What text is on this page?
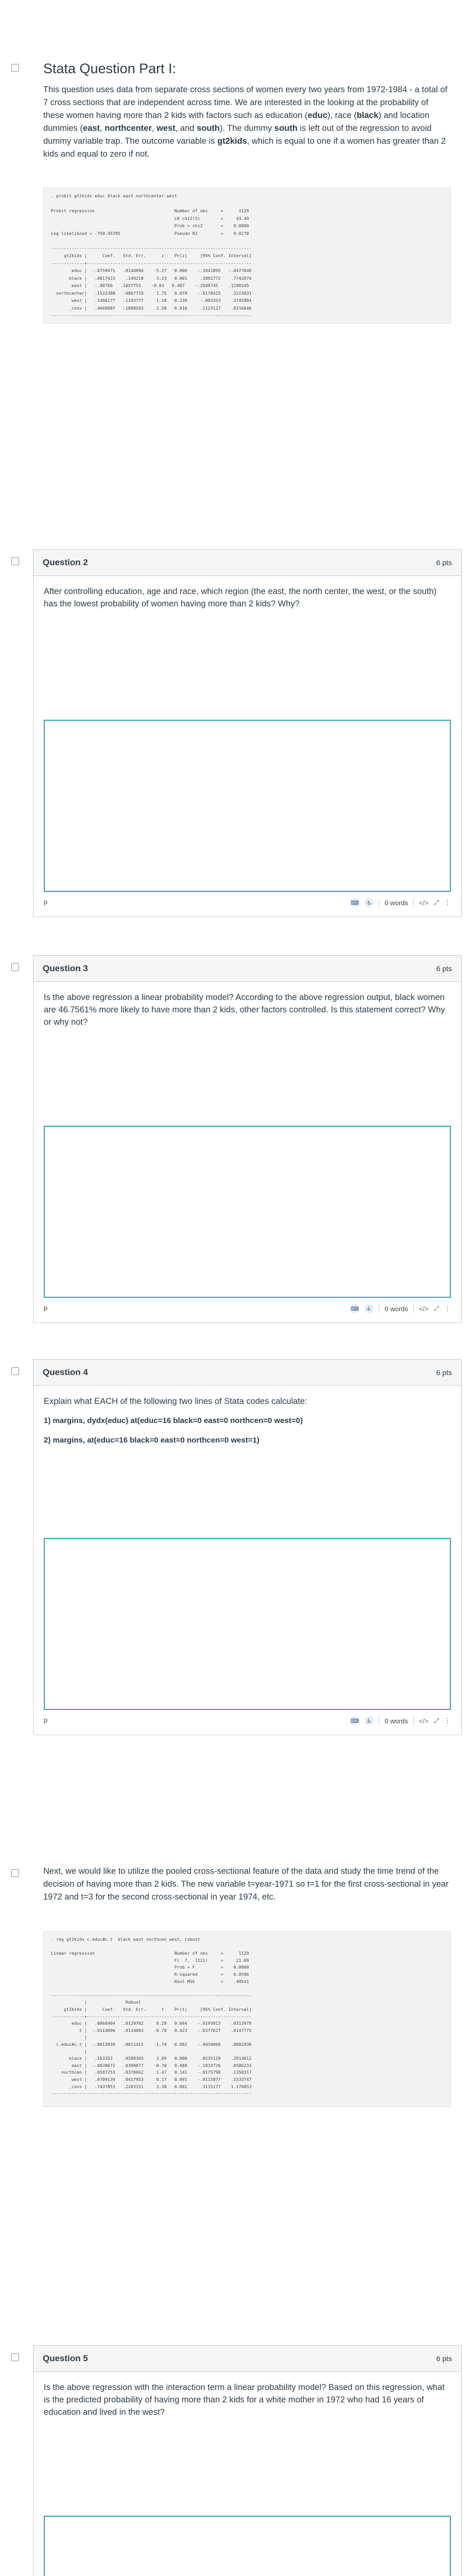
Stata Question Part I:

This question uses data from separate cross sections of women every two years from 1972-1984 - a total of 7 cross sections that are independent across time. We are interested in the looking at the probability of these women having more than 2 kids with factors such as education (educ), race (black) and location dummies (east, northcenter, west, and south). The dummy south is left out of the regression to avoid dummy variable trap. The outcome variable is gt2kids, which is equal to one if a women has greater than 2 kids and equal to zero if not.

. probit gt2kids educ black east northcenter west
Probit regression                               Number of obs     =      1129
LR chi2(5)        =     43.49
Prob > chi2       =    0.0000
Log likelihood = -759.45785                     Pseudo R2         =    0.0278
------------------------------------------------------------------------------
gt2kids |      Coef.   Std. Err.      z    P>|z|     [95% Conf. Interval]
-------------+----------------------------------------------------------------
educ |  -.0759471   .0144094    -5.27   0.000    -.1041895   -.0477046
black |   .4817423    .149218     3.23   0.001     .1892772    .7742074
east |   -.08766   .1057753    -0.83   0.407    -.2949745    .1196545
northcenter|   .1522308   .0867719     1.75   0.079    -.0178415    .3223031
west |   .1406177   .1193777     1.18   0.239     -.093353    .3745884
_cons |   .4669887   .1809593     2.58   0.010     .1123127    .8216646
------------------------------------------------------------------------------
Question 2	6 pts

After controlling education, age and race, which region (the east, the north center, the west, or the south) has the lowest probability of women having more than 2 kids? Why?

p	⌨	♿	0 words </> ⤢ ⋮
Question 3	6 pts

Is the above regression a linear probability model? According to the above regression output, black women are 46.7561% more likely to have more than 2 kids, other factors controlled. Is this statement correct? Why or why not?

p	⌨	♿	0 words </> ⤢ ⋮
Question 4	6 pts

Explain what EACH of the following two lines of Stata codes calculate:

1) margins, dydx(educ) at(educ=16 black=0 east=0 northcen=0 west=0)

2) margins, at(educ=16 black=0 east=0 northcen=0 west=1)

p	⌨	♿	0 words </> ⤢ ⋮
Next, we would like to utilize the pooled cross-sectional feature of the data and study the time trend of the decision of having more than 2 kids. The new variable t=year-1971 so t=1 for the first cross-sectional in year 1972 and t=3 for the second cross-sectional in year 1974, etc.
. reg gt2kids c.educ#c.t  black east northcen west, robust
Linear regression                               Number of obs     =      1129
F(  7,  1121)     =     21.09
Prob > F          =    0.0000
R-squared         =    0.0596
Root MSE          =    .49541
------------------------------------------------------------------------------
|               Robust
gt2kids |      Coef.   Std. Err.      t    P>|t|     [95% Conf. Interval]
-------------+----------------------------------------------------------------
educ |   .0060404   .0129702     0.28   0.664    -.0193013    .0313979
t |  -.0114096   .0134083    -0.78   0.423    -.0377627    .0147775
|
c.educ#c.t |  -.0013039   .0011411    -1.74   0.082    -.0050068    .0002936
|
black |   .163352    .0589365     3.09   0.000     .0535129    .2913612
east |  -.0839672   .0399877    -0.70   0.488    -.1019726    .0586233
northcen |   .0587253   .0378662     1.47   0.141    -.0175798    .1350317
west |   .0709139   .0417953     0.17   0.091    -.0115877    .1533747
_cons |   .7437853   .2203151     3.38   0.001     .3115177    1.176053
------------------------------------------------------------------------------
Question 5	6 pts

Is the above regression with the interaction term a linear probability model? Based on this regression, what is the predicted probability of having more than 2 kids for a white mother in 1972 who had 16 years of education and lived in the west?
